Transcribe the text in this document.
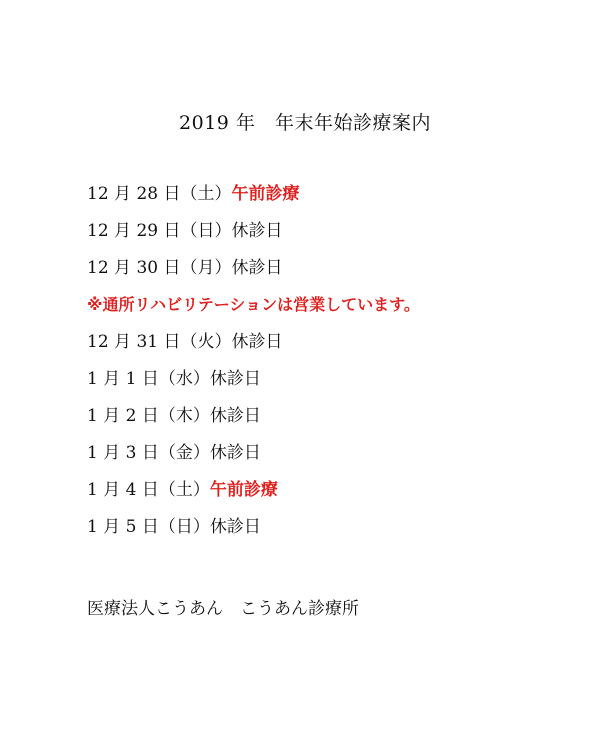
2019 年　年末年始診療案内
12 月 28 日（土）午前診療
12 月 29 日（日）休診日
12 月 30 日（月）休診日
※通所リハビリテーションは営業しています。
12 月 31 日（火）休診日
1 月 1 日（水）休診日
1 月 2 日（木）休診日
1 月 3 日（金）休診日
1 月 4 日（土）午前診療
1 月 5 日（日）休診日
医療法人こうあん　こうあん診療所
